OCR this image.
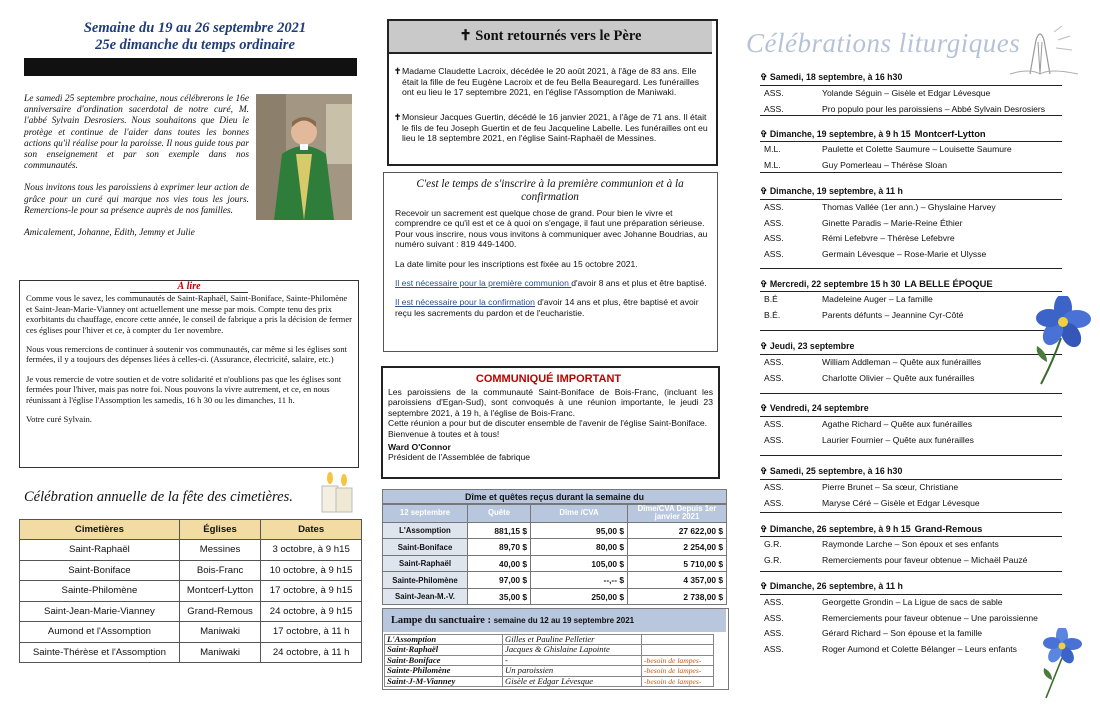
Semaine du 19 au 26 septembre 2021
25e dimanche du temps ordinaire

Le samedi 25 septembre prochaine, nous célébrerons le 16e anniversaire d'ordination sacerdotal de notre curé, M. l'abbé Sylvain Desrosiers. Nous souhaitons que Dieu le protège et continue de l'aider dans toutes les bonnes actions qu'il réalise pour la paroisse. Il nous guide tous par son enseignement et par son exemple dans nos communautés.

Nous invitons tous les paroissiens à exprimer leur action de grâce pour un curé qui marque nos vies tous les jours. Remercions-le pour sa présence auprès de nos familles.

Amicalement, Johanne, Edith, Jemmy et Julie

À lire

Comme vous le savez, les communautés de Saint-Raphaël, Saint-Boniface, Sainte-Philomène et Saint-Jean-Marie-Vianney ont actuellement une messe par mois. Compte tenu des prix exorbitants du chauffage, encore cette année, le conseil de fabrique a pris la décision de fermer ces églises pour l'hiver et ce, à compter du 1er novembre.

Nous vous remercions de continuer à soutenir vos communautés, car même si les églises sont fermées, il y a toujours des dépenses liées à celles-ci. (Assurance, électricité, salaire, etc.)

Je vous remercie de votre soutien et de votre solidarité et n'oublions pas que les églises sont fermées pour l'hiver, mais pas notre foi. Nous pouvons la vivre autrement, et ce, en nous réunissant à l'église l'Assomption les samedis, 16 h 30 ou les dimanches, 11 h.

Votre curé Sylvain.

Célébration annuelle de la fête des cimetières.
Cimetières	Églises	Dates
Saint-Raphaël	Messines	3 octobre, à 9 h15
Saint-Boniface	Bois-Franc	10 octobre, à 9 h15
Sainte-Philomène	Montcerf-Lytton	17 octobre, à 9 h15
Saint-Jean-Marie-Vianney	Grand-Remous	24 octobre, à 9 h15
Aumond et l'Assomption	Maniwaki	17 octobre, à 11 h
Sainte-Thérèse et l'Assomption	Maniwaki	24 octobre, à 11 h
✝ Sont retournés vers le Père
✝ Madame Claudette Lacroix, décédée le 20 août 2021, à l'âge de 83 ans. Elle était la fille de feu Eugène Lacroix et de feu Bella Beauregard. Les funérailles ont eu lieu le 17 septembre 2021, en l'église l'Assomption de Maniwaki.
✝ Monsieur Jacques Guertin, décédé le 16 janvier 2021, à l'âge de 71 ans. Il était le fils de feu Joseph Guertin et de feu Jacqueline Labelle. Les funérailles ont eu lieu le 18 septembre 2021, en l'église Saint-Raphaël de Messines.
C'est le temps de s'inscrire à la première communion et à la confirmation

Recevoir un sacrement est quelque chose de grand. Pour bien le vivre et comprendre ce qu'il est et ce à quoi on s'engage, il faut une préparation sérieuse.
Pour vous inscrire, nous vous invitons à communiquer avec Johanne Boudrias, au numéro suivant : 819 449-1400.

La date limite pour les inscriptions est fixée au 15 octobre 2021.

Il est nécessaire pour la première communion d'avoir 8 ans et plus et être baptisé.

Il est nécessaire pour la confirmation d'avoir 14 ans et plus, être baptisé et avoir reçu les sacrements du pardon et de l'eucharistie.

COMMUNIQUÉ IMPORTANT
Les paroissiens de la communauté Saint-Boniface de Bois-Franc, (incluant les paroissiens d'Egan-Sud), sont convoqués à une réunion importante, le jeudi 23 septembre 2021, à 19 h, à l'église de Bois-Franc.
Cette réunion a pour but de discuter ensemble de l'avenir de l'église Saint-Boniface.
Bienvenue à toutes et à tous!
Ward O'Connor
Président de l'Assemblée de fabrique
Dîme et quêtes reçus durant la semaine du
12 septembre	Quête	Dîme /CVA	Dîme/CVA Depuis 1er janvier 2021
L'Assomption	881,15 $	95,00 $	27 622,00 $
Saint-Boniface	89,70 $	80,00 $	2 254,00 $
Saint-Raphaël	40,00 $	105,00 $	5 710,00 $
Sainte-Philomène	97,00 $	--,-- $	4 357,00 $
Saint-Jean-M.-V.	35,00 $	250,00 $	2 738,00 $
Lampe du sanctuaire : semaine du 12 au 19 septembre 2021
L'Assomption	Gilles et Pauline Pelletier	
Saint-Raphaël	Jacques & Ghislaine Lapointe	
Saint-Boniface	-	-besoin de lampes-
Sainte-Philomène	Un paroissien	-besoin de lampes-
Saint-J-M-Vianney	Gisèle et Edgar Lévesque	-besoin de lampes-
Célébrations liturgiques
✞ Samedi, 18 septembre, à 16 h30
ASS.	Yolande Séguin – Gisèle et Edgar Lévesque
ASS.	Pro populo pour les paroissiens – Abbé Sylvain Desrosiers
✞ Dimanche, 19 septembre, à 9 h 15 Montcerf-Lytton
M.L.	Paulette et Colette Saumure – Louisette Saumure
M.L.	Guy Pomerleau – Thérèse Sloan
✞ Dimanche, 19 septembre, à 11 h
ASS.	Thomas Vallée (1er ann.) – Ghyslaine Harvey
ASS.	Ginette Paradis – Marie-Reine Éthier
ASS.	Rémi Lefebvre – Thérèse Lefebvre
ASS.	Germain Lévesque – Rose-Marie et Ulysse
✞ Mercredi, 22 septembre 15 h 30 LA BELLE ÉPOQUE
B.É	Madeleine Auger – La famille
B.É.	Parents défunts – Jeannine Cyr-Côté
✞ Jeudi, 23 septembre
ASS.	William Addleman – Quête aux funérailles
ASS.	Charlotte Olivier – Quête aux funérailles
✞ Vendredi, 24 septembre
ASS.	Agathe Richard – Quête aux funérailles
ASS.	Laurier Fournier – Quête aux funérailles
✞ Samedi, 25 septembre, à 16 h30
ASS.	Pierre Brunet – Sa sœur, Christiane
ASS.	Maryse Céré – Gisèle et Edgar Lévesque
✞ Dimanche, 26 septembre, à 9 h 15 Grand-Remous
G.R.	Raymonde Larche – Son époux et ses enfants
G.R.	Remerciements pour faveur obtenue – Michaël Pauzé
✞ Dimanche, 26 septembre, à 11 h
ASS.	Georgette Grondin – La Ligue de sacs de sable
ASS.	Remerciements pour faveur obtenue – Une paroissienne
ASS.	Gérard Richard – Son épouse et la famille
ASS.	Roger Aumond et Colette Bélanger – Leurs enfants
